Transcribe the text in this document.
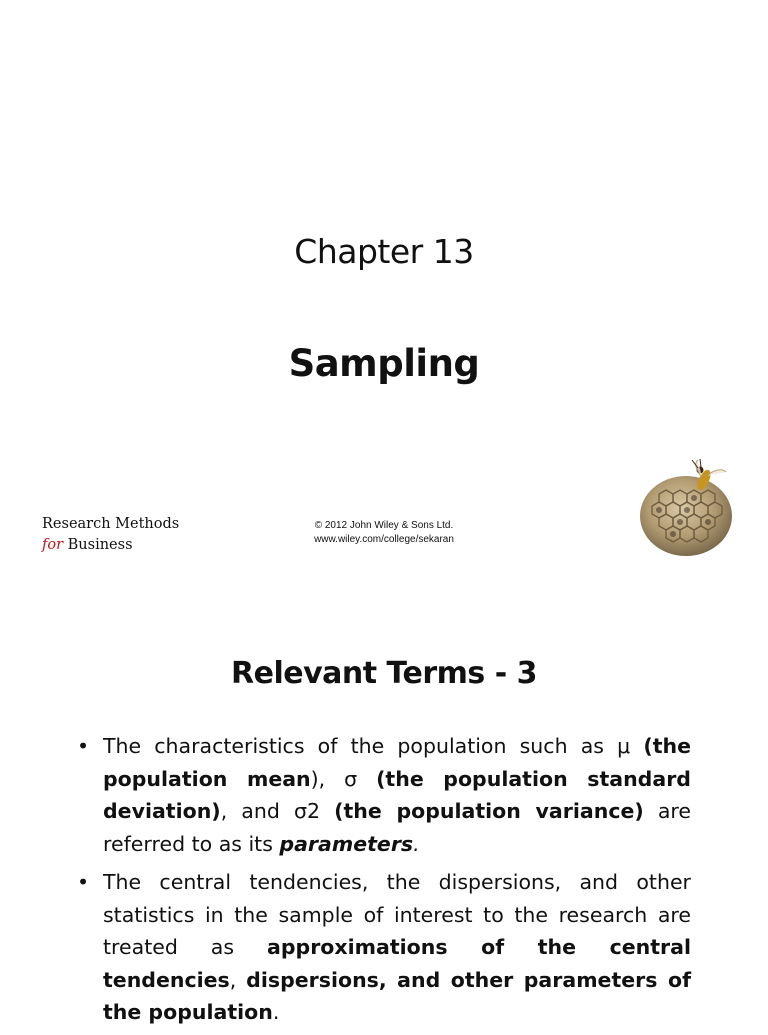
Chapter 13
Sampling
Research Methods
for Business
© 2012 John Wiley & Sons Ltd.
www.wiley.com/college/sekaran
Relevant Terms - 3
• The characteristics of the population such as μ (the population mean), σ (the population standard deviation), and σ2 (the population variance) are referred to as its parameters.
• The central tendencies, the dispersions, and other statistics in the sample of interest to the research are treated as approximations of the central tendencies, dispersions, and other parameters of the population.
